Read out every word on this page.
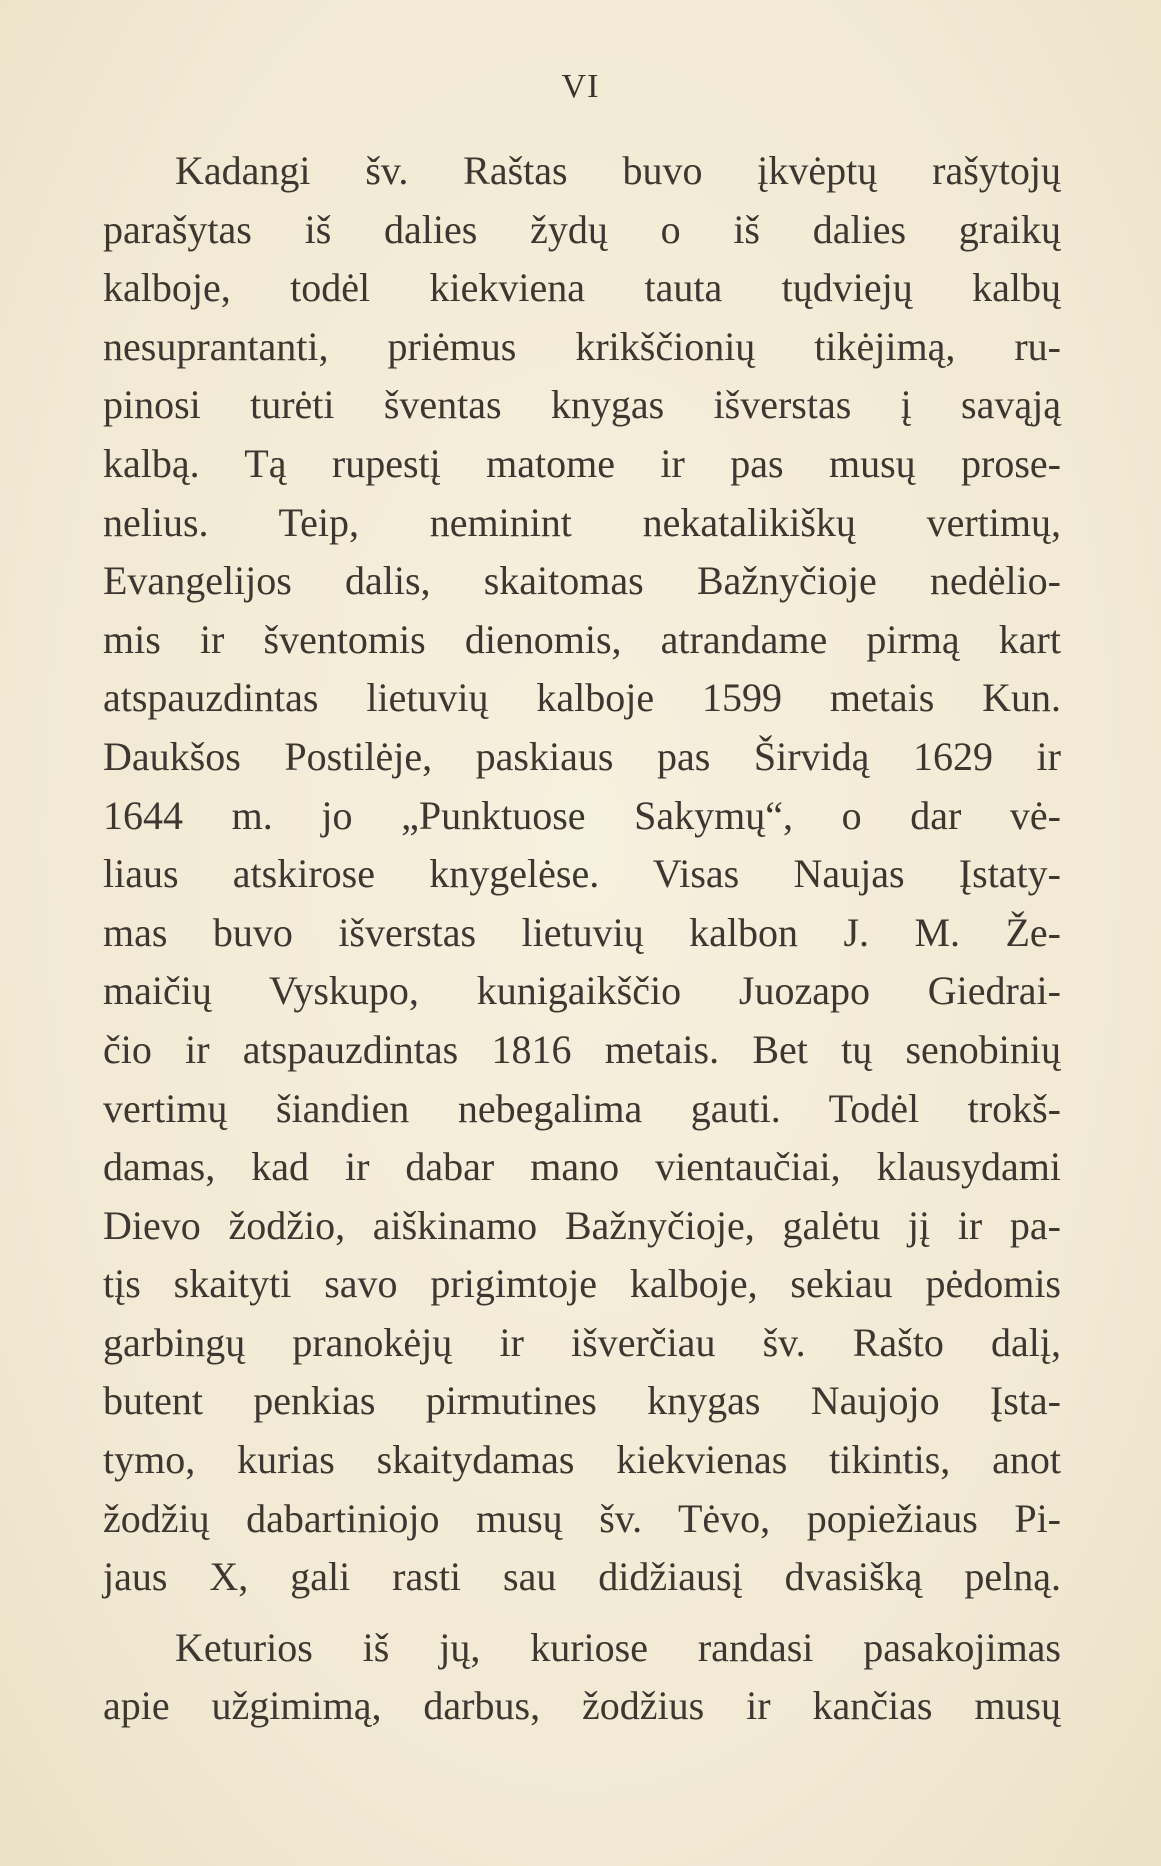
VI
Kadangi šv. Raštas buvo įkvėptų rašytojų
parašytas iš dalies žydų o iš dalies graikų
kalboje, todėl kiekviena tauta tųdviejų kalbų
nesuprantanti, priėmus krikščionių tikėjimą, ru-
pinosi turėti šventas knygas išverstas į savąją
kalbą. Tą rupestį matome ir pas musų prose-
nelius. Teip, neminint nekatalikiškų vertimų,
Evangelijos dalis, skaitomas Bažnyčioje nedėlio-
mis ir šventomis dienomis, atrandame pirmą kart
atspauzdintas lietuvių kalboje 1599 metais Kun.
Daukšos Postilėje, paskiaus pas Širvidą 1629 ir
1644 m. jo „Punktuose Sakymų“, o dar vė-
liaus atskirose knygelėse. Visas Naujas Įstaty-
mas buvo išverstas lietuvių kalbon J. M. Že-
maičių Vyskupo, kunigaikščio Juozapo Giedrai-
čio ir atspauzdintas 1816 metais. Bet tų senobinių
vertimų šiandien nebegalima gauti. Todėl trokš-
damas, kad ir dabar mano vientaučiai, klausydami
Dievo žodžio, aiškinamo Bažnyčioje, galėtu jį ir pa-
tįs skaityti savo prigimtoje kalboje, sekiau pėdomis
garbingų pranokėjų ir išverčiau šv. Rašto dalį,
butent penkias pirmutines knygas Naujojo Įsta-
tymo, kurias skaitydamas kiekvienas tikintis, anot
žodžių dabartiniojo musų šv. Tėvo, popiežiaus Pi-
jaus X, gali rasti sau didžiausį dvasišką pelną.
Keturios iš jų, kuriose randasi pasakojimas
apie užgimimą, darbus, žodžius ir kančias musų
